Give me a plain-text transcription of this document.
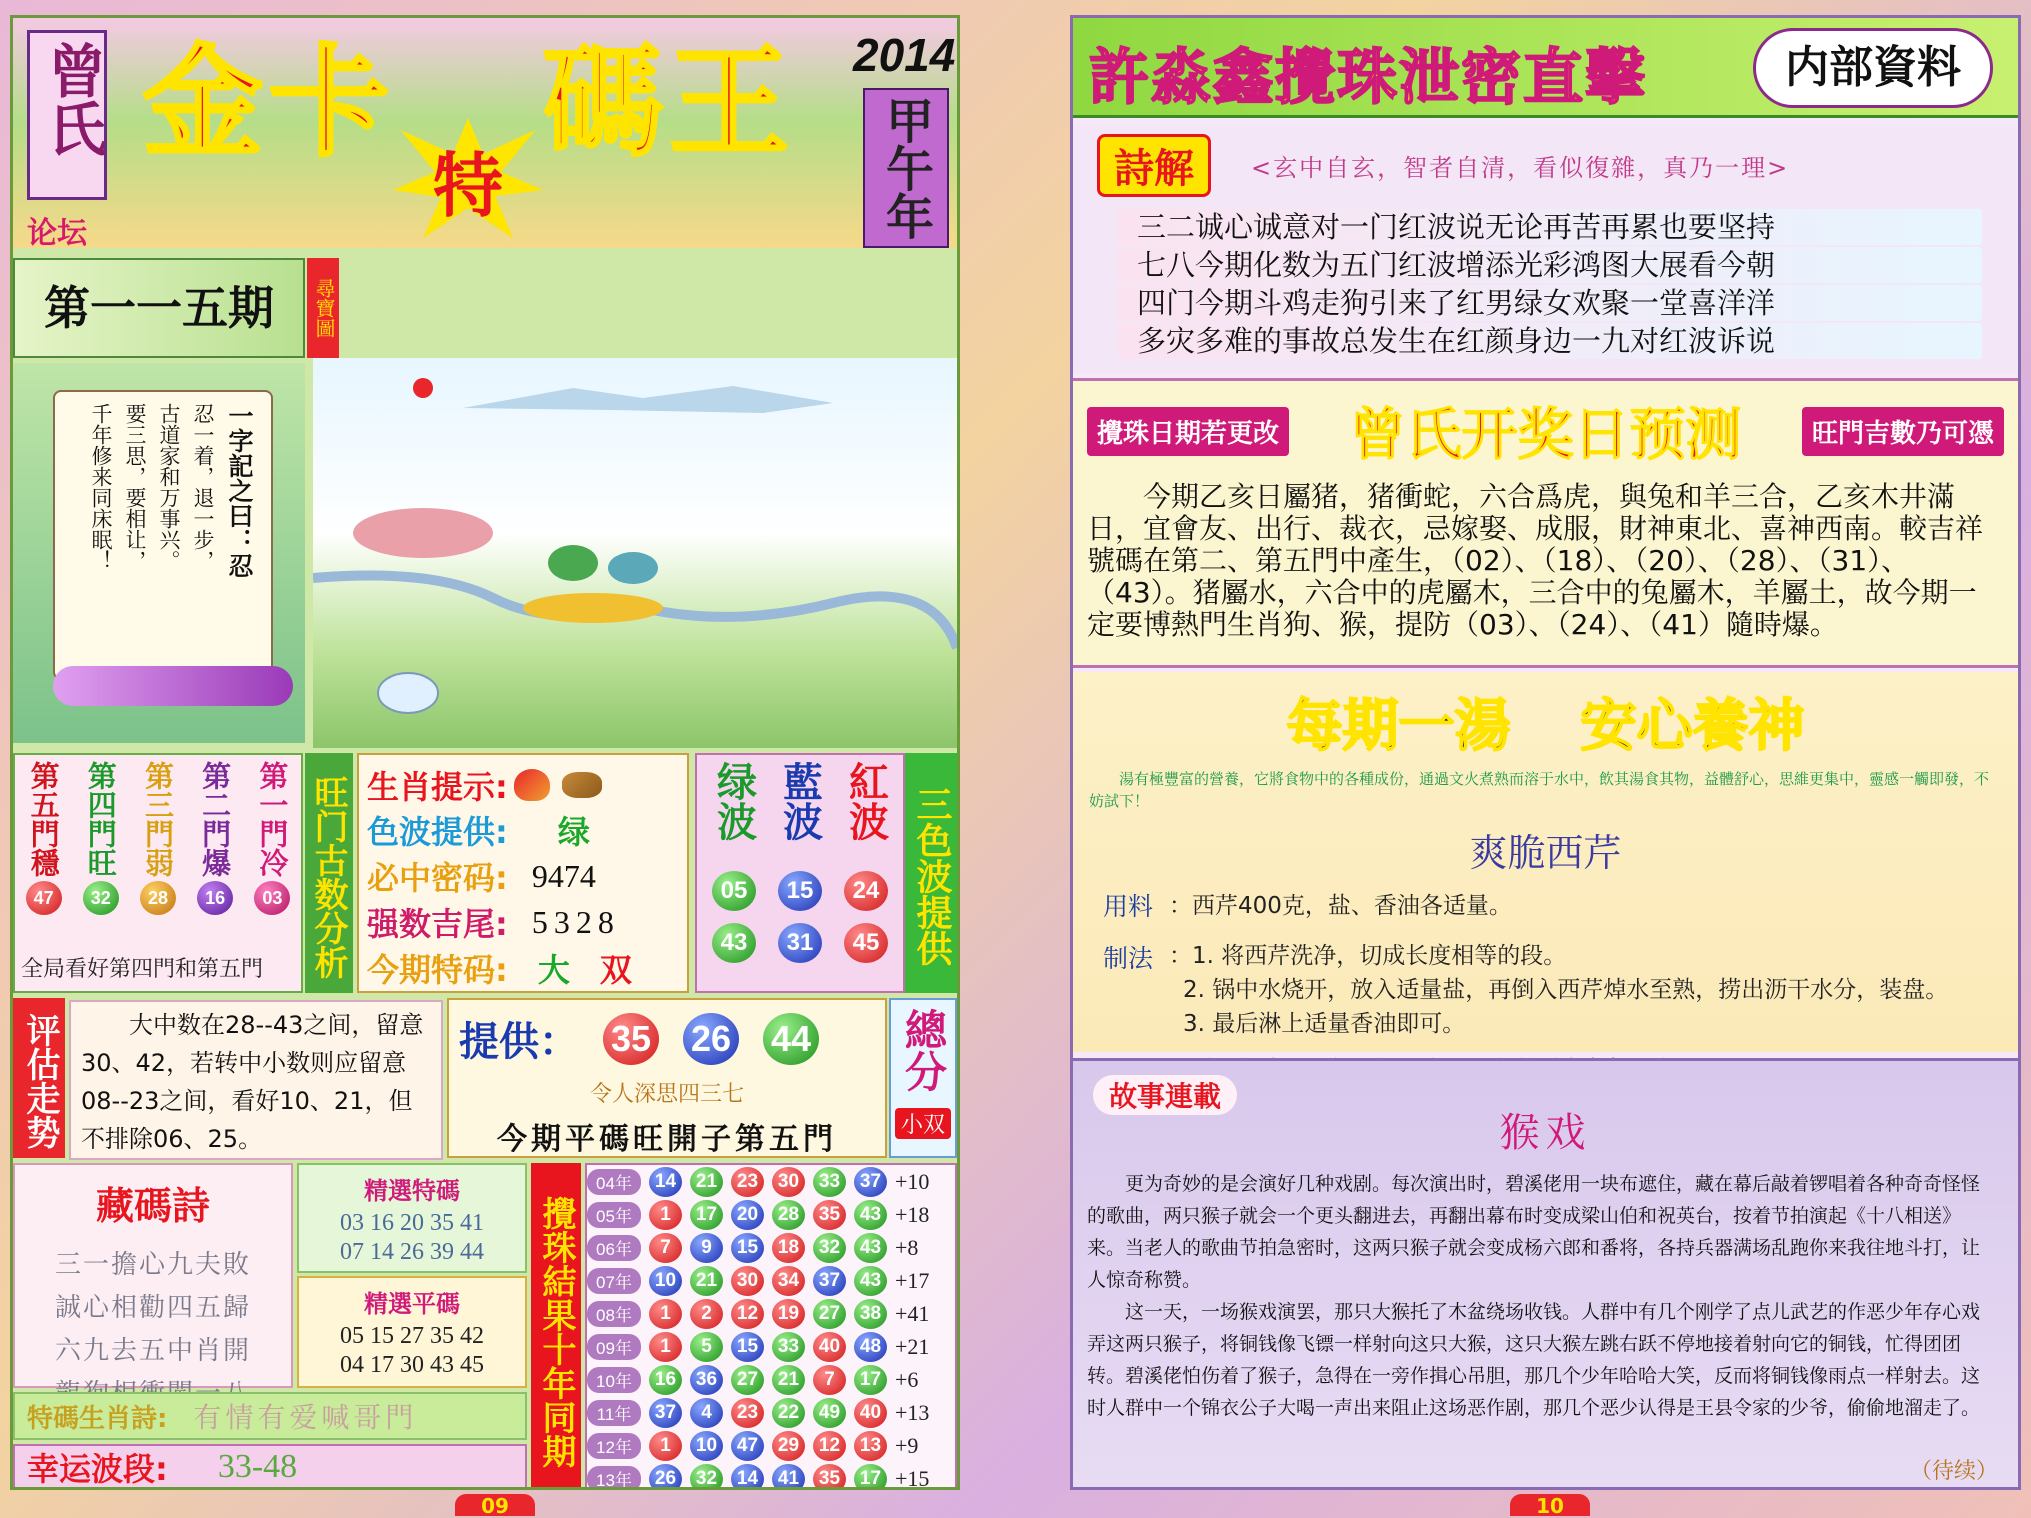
曾氏
论坛
金卡
特
碼王 2014
甲午年
第一一五期	尋寶圖
一字記之曰：忍
忍一着，退一步，
古道家和万事兴。
要三思，要相让，
千年修来同床眠！
第五門穩
47
第四門旺
32
第三門弱
28
第二門爆
16
第一門冷
03
全局看好第四門和第五門 旺门古数分析 生肖提示:
色波提供: 绿
必中密码: 9474
强数吉尾: 5328
今期特码: 大 双
绿波 藍波 紅波
05	15	24
43	31	45 三色波提供
评估走势	大中数在28--43之间，留意30、42，若转中小数则应留意08--23之间，看好10、21，但不排除06、25。
提供： 35 26 44
令人深思四三七
今期平碼旺開子第五門
總分
小双
藏碼詩
三一擔心九夫敗
誠心相勸四五歸
六九去五中肖開
精選特碼
03 16 20 35 41
07 14 26 39 44
精選平碼
05 15 27 35 42
04 17 30 43 45
特碼生肖詩: 有情有爱喊哥門
幸运波段: 33-48	攪珠結果十年同期
04年	14	21	23	30	33	37 +10
05年	1	17	20	28	35	43 +18
06年	7	9	15	18	32	43 +8
07年	10	21	30	34	37	43 +17
08年	1	2	12	19	27	38 +41
09年	1	5	15	33	40	48 +21
10年	16	36	27	21	7	17 +6
11年	37	4	23	22	49	40 +13
12年	1	10	47	29	12	13 +9
13年	26	32	14	41	35	17 +15
09
許淼鑫攪珠泄密直擊	内部資料
詩解	<玄中自玄，智者自清，看似復雜，真乃一理>
三二诚心诚意对一门红波说无论再苦再累也要坚持
七八今期化数为五门红波增添光彩鸿图大展看今朝
四门今期斗鸡走狗引来了红男绿女欢聚一堂喜洋洋
多灾多难的事故总发生在红颜身边一九对红波诉说
攪珠日期若更改 曾氏开奖日预测	旺門吉數乃可憑
今期乙亥日屬猪，猪衝蛇，六合爲虎，與兔和羊三合，乙亥木井滿日，宜會友、出行、裁衣，忌嫁娶、成服，財神東北、喜神西南。較吉祥號碼在第二、第五門中產生，（02）、（18）、（20）、（28）、（31）、（43）。猪屬水，六合中的虎屬木，三合中的兔屬木，羊屬土，故今期一定要博熱門生肖狗、猴，提防（03）、（24）、（41）隨時爆。
每期一湯 安心養神
湯有極豐富的營養，它將食物中的各種成份，通過文火煮熟而溶于水中，飲其湯食其物，益體舒心，思維更集中，靈感一觸即發，不妨試下！
爽脆西芹
用料 ：西芹400克，盐、香油各适量。
制法 ：1. 将西芹洗净，切成长度相等的段。
2. 锅中水烧开，放入适量盐，再倒入西芹焯水至熟，捞出沥干水分，装盘。
3. 最后淋上适量香油即可。
故事連載
猴戏
更为奇妙的是会演好几种戏剧。每次演出时，碧溪佬用一块布遮住，藏在幕后敲着锣唱着各种奇奇怪怪的歌曲，两只猴子就会一个更头翻进去，再翻出幕布时变成梁山伯和祝英台，按着节拍演起《十八相送》来。当老人的歌曲节拍急密时，这两只猴子就会变成杨六郎和番将，各持兵器满场乱跑你来我往地斗打，让人惊奇称赞。
这一天，一场猴戏演罢，那只大猴托了木盆绕场收钱。人群中有几个刚学了点儿武艺的作恶少年存心戏弄这两只猴子，将铜钱像飞镖一样射向这只大猴，这只大猴左跳右跃不停地接着射向它的铜钱，忙得团团转。碧溪佬怕伤着了猴子，急得在一旁作揖心吊胆，那几个少年哈哈大笑，反而将铜钱像雨点一样射去。这时人群中一个锦衣公子大喝一声出来阻止这场恶作剧，那几个恶少认得是王县令家的少爷，偷偷地溜走了。
（待续）
10
